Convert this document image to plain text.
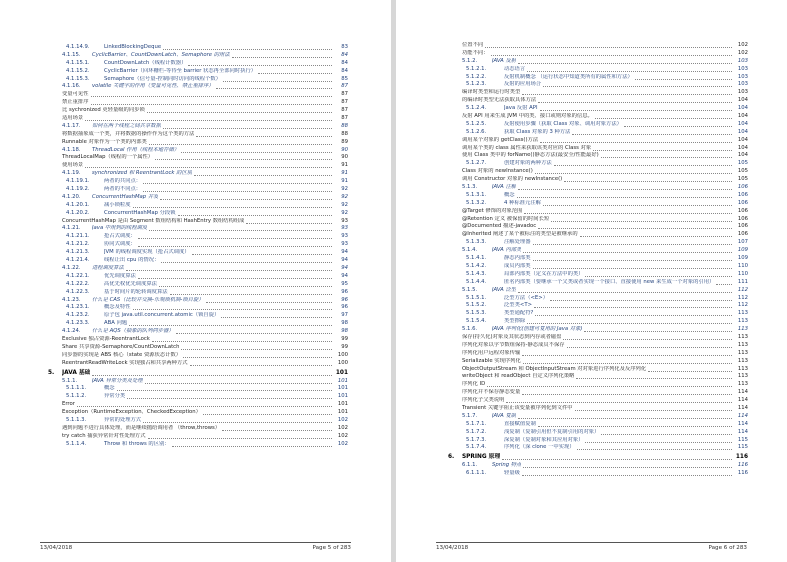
4.1.14.9.	LinkedBlockingDeque	83
4.1.15. CyclicBarrier、CountDownLatch、Semaphore 的用法	84
4.1.15.1.	CountDownLatch（线程计数器）	84
4.1.15.2.	CyclicBarrier（回环栅栏-等待至 barrier 状态再全部同时执行）	84
4.1.15.3.	Semaphore（信号量-控制同时访问的线程个数）	85
4.1.16. volatile 关键字的作用（变量可见性、禁止重排序）	87
变量可见性	87
禁止重排序	87
比 sychronized 更轻量级的同步锁	87
适用场景	87
4.1.17. 如何在两个线程之间共享数据	88
将数据抽象成一个类，并将数据的操作作为这个类的方法	88
Runnable 对象作为一个类的内部类	89
4.1.18. ThreadLocal 作用（线程本地存储）	90
ThreadLocalMap（线程的一个属性）	90
使用场景	91
4.1.19. synchronized 和 ReentrantLock 的区别	91
4.1.19.1.	两者的共同点：	91
4.1.19.2.	两者的不同点：	92
4.1.20. ConcurrentHashMap 并发	92
4.1.20.1.	减小锁粒度	92
4.1.20.2.	ConcurrentHashMap 分段锁	92
ConcurrentHashMap 是由 Segment 数组结构和 HashEntry 数组结构组成	93
4.1.21. Java 中用到的线程调度	93
4.1.21.1.	抢占式调度：	93
4.1.21.2.	协同式调度：	93
4.1.21.3.	JVM 的线程调度实现（抢占式调度）	94
4.1.21.4.	线程让出 cpu 的情况：	94
4.1.22. 进程调度算法	94
4.1.22.1.	优先调度算法	94
4.1.22.2.	高优先权优先调度算法	95
4.1.22.3.	基于时间片的轮转调度算法	96
4.1.23. 什么是 CAS（比较并交换-乐观锁机制-锁自旋）	96
4.1.23.1.	概念及特性	96
4.1.23.2.	原子包 java.util.concurrent.atomic（锁自旋）	97
4.1.23.3.	ABA 问题	98
4.1.24. 什么是 AQS（抽象的队列同步器）	98
Exclusive 独占资源-ReentrantLock	99
Share 共享资源-Semaphore/CountDownLatch	99
同步器的实现是 ABS 核心（state 资源状态计数）	100
ReentrantReadWriteLock 实现独占和共享两种方式	100
5. JAVA 基础	101
5.1.1.	JAVA 异常分类及处理	101
5.1.1.1.	概念	101
5.1.1.2.	异常分类	101
Error	101
Exception（RuntimeException、CheckedException）	101
5.1.1.3.	异常的处理方式	102
遇到问题不进行具体处理，而是继续抛给调用者 （throw,throws）	102
try catch 捕获异常针对性处理方式	102
5.1.1.4.	Throw 和 throws 的区别：	102
13/04/2018	Page 5 of 283
位置不同	102
功能不同：	102
5.1.2.	JAVA 反射	103
5.1.2.1.	动态语言	103
5.1.2.2.	反射机制概念 （运行状态中知道类所有的属性和方法）	103
5.1.2.3.	反射的应用场合	103
编译时类型和运行时类型	103
的编译时类型无法获取具体方法	104
5.1.2.4.	Java 反射 API	104
反射 API 用来生成 JVM 中的类、接口或则对象的信息。	104
5.1.2.5.	反射使用步骤（获取 Class 对象、调用对象方法）	104
5.1.2.6.	获取 Class 对象的 3 种方法	104
调用某个对象的 getClass()方法	104
调用某个类的 class 属性来获取该类对应的 Class 对象	104
使用 Class 类中的 forName()静态方法(最安全/性能最好)	104
5.1.2.7.	创建对象的两种方法	105
Class 对象的 newInstance()	105
调用 Constructor 对象的 newInstance()	105
5.1.3.	JAVA 注解	106
5.1.3.1.	概念	106
5.1.3.2.	4 种标准元注解	106
@Target 修饰的对象范围	106
@Retention 定义 被保留的时间长短	106
@Documented 描述-javadoc	106
@Inherited 阐述了某个被标注的类型是被继承的	106
5.1.3.3.	注解处理器	107
5.1.4.	JAVA 内部类	109
5.1.4.1.	静态内部类	109
5.1.4.2.	成员内部类	110
5.1.4.3.	局部内部类（定义在方法中的类）	110
5.1.4.4.	匿名内部类（要继承一个父类或者实现一个接口、直接使用 new 来生成一个对象的引用）	111
5.1.5.	JAVA 泛型	112
5.1.5.1.	泛型方法（<E>）	112
5.1.5.2.	泛型类<T>	112
5.1.5.3.	类型通配符?	113
5.1.5.4.	类型擦除	113
5.1.6.	JAVA 序列化(创建可复用的 Java 对象)	113
保存(持久化)对象及其状态到内存或者磁盘	113
序列化对象以字节数组保持-静态成员不保存	113
序列化用户远程对象传输	113
Serializable 实现序列化	113
ObjectOutputStream 和 ObjectInputStream 对对象进行序列化及反序列化	113
writeObject 和 readObject 自定义序列化策略	113
序列化 ID	113
序列化并不保存静态变量	114
序列化子父类说明	114
Transient 关键字阻止该变量被序列化到文件中	114
5.1.7.	JAVA 复制	114
5.1.7.1.	直接赋值复制	114
5.1.7.2.	浅复制（复制引用但不复制引用的对象）	114
5.1.7.3.	深复制（复制对象和其应用对象）	115
5.1.7.4.	序列化（深 clone 一中实现）	115
6. SPRING 原理	116
6.1.1.	Spring 特点	116
6.1.1.1.	轻量级	116
13/04/2018	Page 6 of 283
